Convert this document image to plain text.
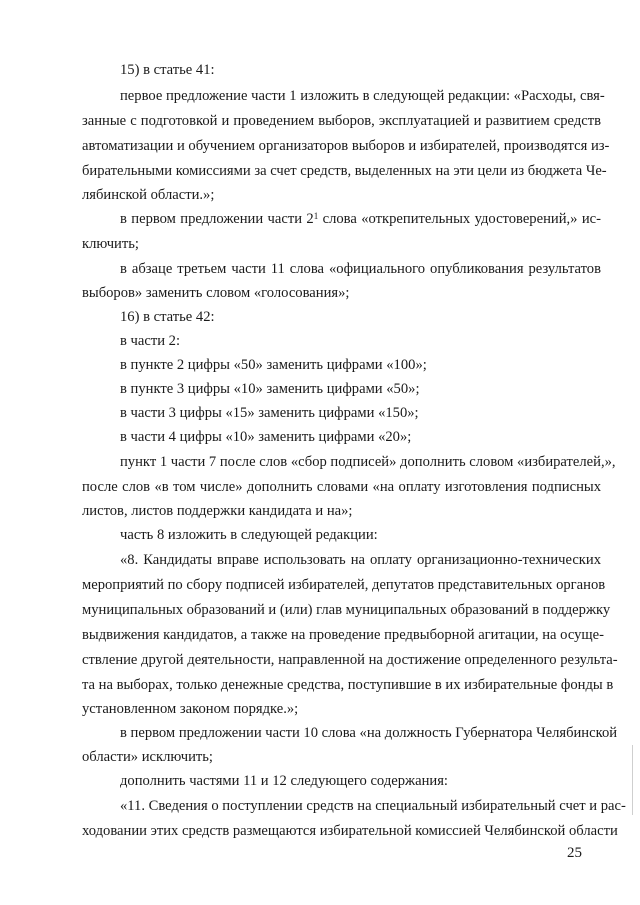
15) в статье 41:
первое предложение части 1 изложить в следующей редакции: «Расходы, свя-
занные с подготовкой и проведением выборов, эксплуатацией и развитием средств
автоматизации и обучением организаторов выборов и избирателей, производятся из-
бирательными комиссиями за счет средств, выделенных на эти цели из бюджета Че-
лябинской области.»;
в первом предложении части $2^1$ слова «открепительных удостоверений,» ис-
ключить;
в абзаце третьем части 11 слова «официального опубликования результатов
выборов» заменить словом «голосования»;
16) в статье 42:
в части 2:
в пункте 2 цифры «50» заменить цифрами «100»;
в пункте 3 цифры «10» заменить цифрами «50»;
в части 3 цифры «15» заменить цифрами «150»;
в части 4 цифры «10» заменить цифрами «20»;
пункт 1 части 7 после слов «сбор подписей» дополнить словом «избирателей,»,
после слов «в том числе» дополнить словами «на оплату изготовления подписных
листов, листов поддержки кандидата и на»;
часть 8 изложить в следующей редакции:
«8. Кандидаты вправе использовать на оплату организационно-технических
мероприятий по сбору подписей избирателей, депутатов представительных органов
муниципальных образований и (или) глав муниципальных образований в поддержку
выдвижения кандидатов, а также на проведение предвыборной агитации, на осуще-
ствление другой деятельности, направленной на достижение определенного результа-
та на выборах, только денежные средства, поступившие в их избирательные фонды в
установленном законом порядке.»;
в первом предложении части 10 слова «на должность Губернатора Челябинской
области» исключить;
дополнить частями 11 и 12 следующего содержания:
«11. Сведения о поступлении средств на специальный избирательный счет и рас-
ходовании этих средств размещаются избирательной комиссией Челябинской области
25
